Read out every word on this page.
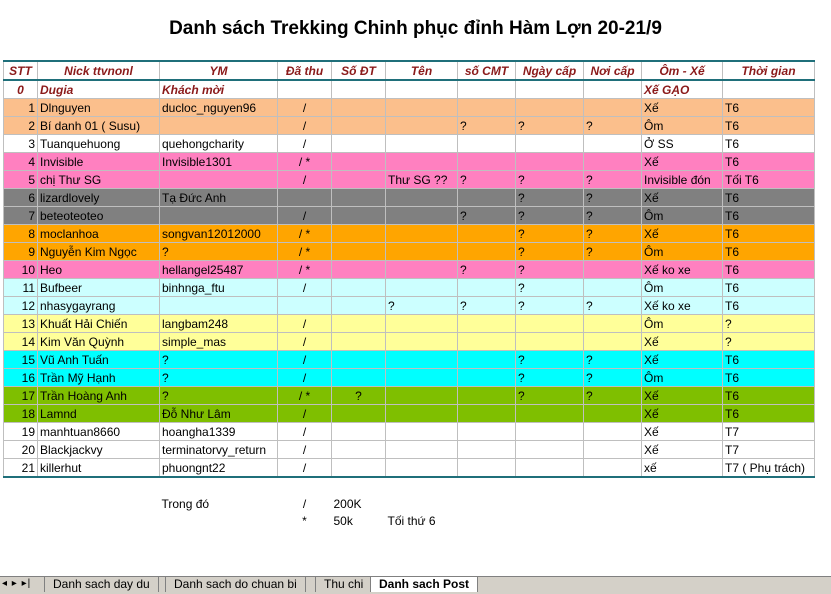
Danh sách Trekking Chinh phục đỉnh Hàm Lợn 20-21/9
STT	Nick ttvnonl	YM	Đã thu	Số ĐT	Tên	số CMT	Ngày cấp	Nơi cấp	Ôm - Xế	Thời gian
0	Dugia	Khách mời							Xế GẠO	
1	Dlnguyen	ducloc_nguyen96	/						Xế	T6
2	Bí danh 01 ( Susu)		/			?	?	?	Ôm	T6
3	Tuanquehuong	quehongcharity	/						Ở SS	T6
4	Invisible	Invisible1301	/ *						Xế	T6
5	chị Thư SG		/		Thư SG ??	?	?	?	Invisible đón	Tối T6
6	lizardlovely	Tạ Đức Anh					?	?	Xế	T6
7	beteoteoteo		/			?	?	?	Ôm	T6
8	moclanhoa	songvan12012000	/ *				?	?	Xế	T6
9	Nguyễn Kim Ngọc	?	/ *				?	?	Ôm	T6
10	Heo	hellangel25487	/ *			?	?		Xế ko xe	T6
11	Bufbeer	binhnga_ftu	/				?		Ôm	T6
12	nhasygayrang				?	?	?	?	Xế ko xe	T6
13	Khuất Hải Chiến	langbam248	/						Ôm	?
14	Kim Văn Quỳnh	simple_mas	/						Xế	?
15	Vũ Anh Tuấn	?	/				?	?	Xế	T6
16	Trần Mỹ Hạnh	?	/				?	?	Ôm	T6
17	Trần Hoàng Anh	?	/ *	?			?	?	Xế	T6
18	Lamnd	Đỗ Như Lâm	/						Xế	T6
19	manhtuan8660	hoangha1339	/						Xế	T7
20	Blackjackvy	terminatorvy_return	/						Xế	T7
21	killerhut	phuongnt22	/						xế	T7 ( Phụ trách)

		Trong đó	/	200K						
			*	50k	Tối thứ 6					
◂ ▸ ▸|	Danh sach day du	Danh sach do chuan bi	Thu chi	Danh sach Post
